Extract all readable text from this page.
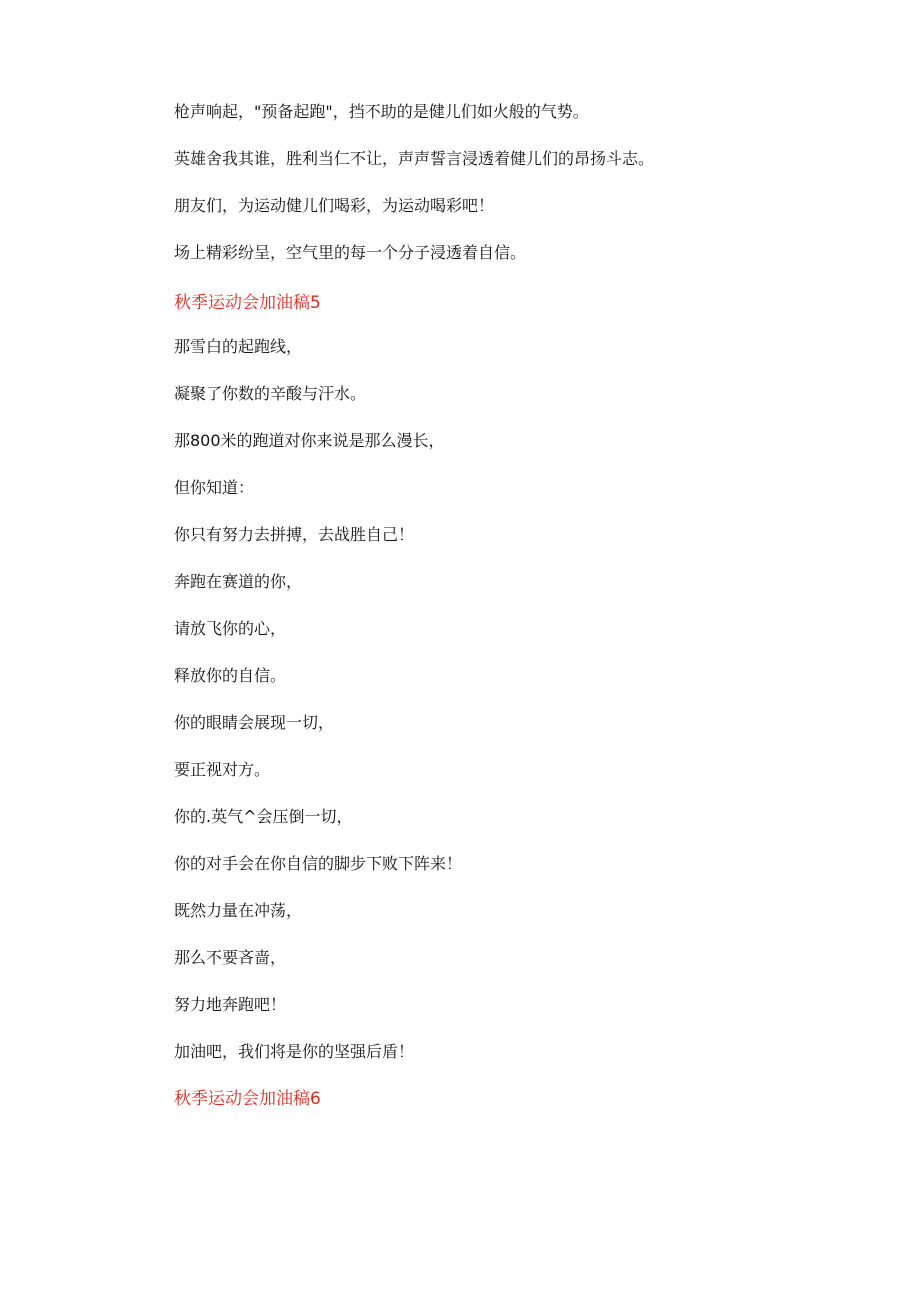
枪声响起，"预备起跑"，挡不助的是健儿们如火般的气势。

英雄舍我其谁，胜利当仁不让，声声誓言浸透着健儿们的昂扬斗志。

朋友们，为运动健儿们喝彩，为运动喝彩吧！

场上精彩纷呈，空气里的每一个分子浸透着自信。

秋季运动会加油稿5

那雪白的起跑线，

凝聚了你数的辛酸与汗水。

那800米的跑道对你来说是那么漫长，

但你知道：

你只有努力去拼搏，去战胜自己！

奔跑在赛道的你，

请放飞你的心，

释放你的自信。

你的眼睛会展现一切，

要正视对方。

你的.英气^会压倒一切，

你的对手会在你自信的脚步下败下阵来！

既然力量在冲荡，

那么不要吝啬，

努力地奔跑吧！

加油吧，我们将是你的坚强后盾！

秋季运动会加油稿6
